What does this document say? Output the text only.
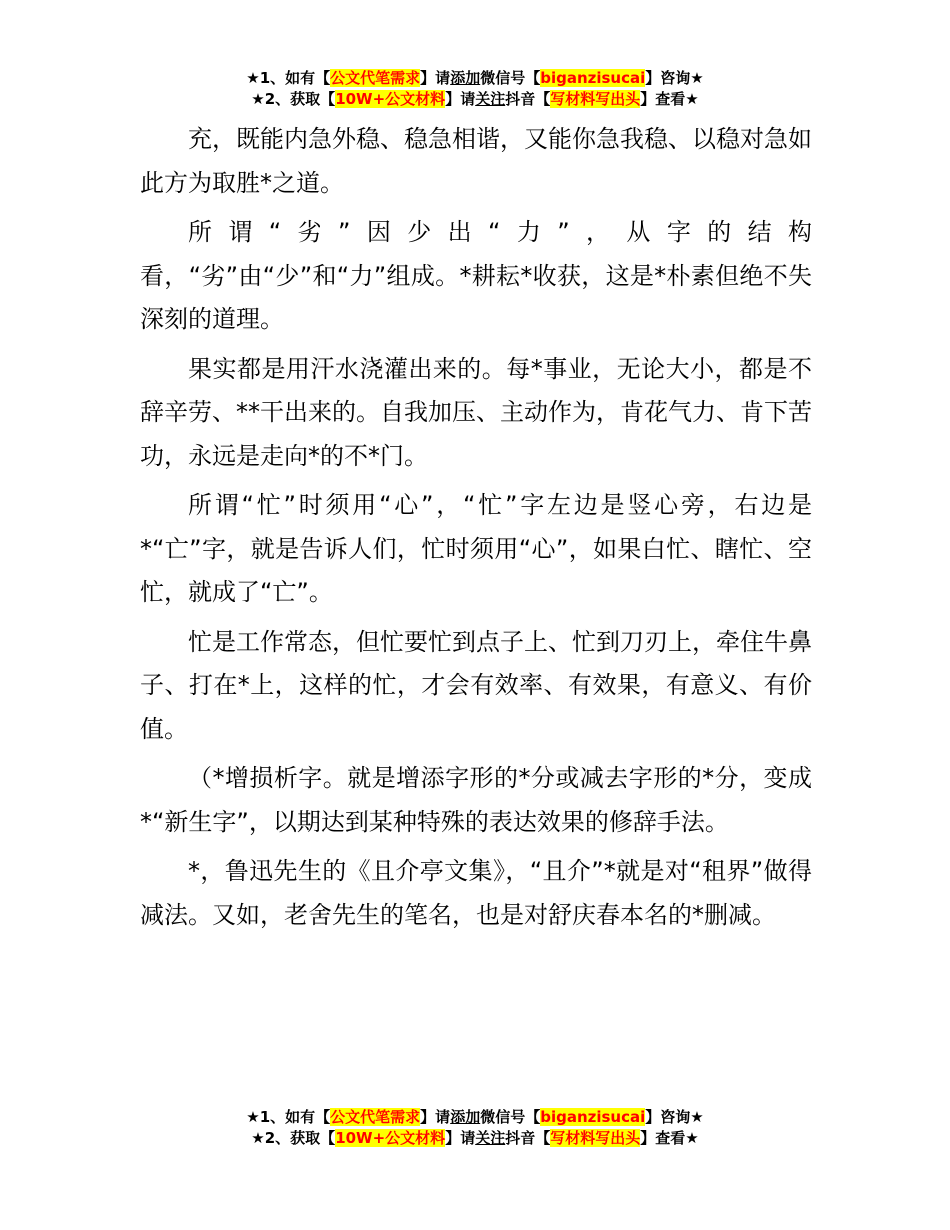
★1、如有【公文代笔需求】请添加微信号【biganzisucai】咨询★
★2、获取【10W+公文材料】请关注抖音【写材料写出头】查看★

充，既能内急外稳、稳急相谐，又能你急我稳、以稳对急如此方为取胜*之道。

所谓“劣”因少出“力”，从字的结构看，“劣”由“少”和“力”组成。*耕耘*收获，这是*朴素但绝不失深刻的道理。

果实都是用汗水浇灌出来的。每*事业，无论大小，都是不辞辛劳、**干出来的。自我加压、主动作为，肯花气力、肯下苦功，永远是走向*的不*门。

所谓“忙”时须用“心”，“忙”字左边是竖心旁，右边是*“亡”字，就是告诉人们，忙时须用“心”，如果白忙、瞎忙、空忙，就成了“亡”。

忙是工作常态，但忙要忙到点子上、忙到刀刃上，牵住牛鼻子、打在*上，这样的忙，才会有效率、有效果，有意义、有价值。

（*增损析字。就是增添字形的*分或减去字形的*分，变成*“新生字”，以期达到某种特殊的表达效果的修辞手法。

*，鲁迅先生的《且介亭文集》，“且介”*就是对“租界”做得减法。又如，老舍先生的笔名，也是对舒庆春本名的*删减。

★1、如有【公文代笔需求】请添加微信号【biganzisucai】咨询★
★2、获取【10W+公文材料】请关注抖音【写材料写出头】查看★
